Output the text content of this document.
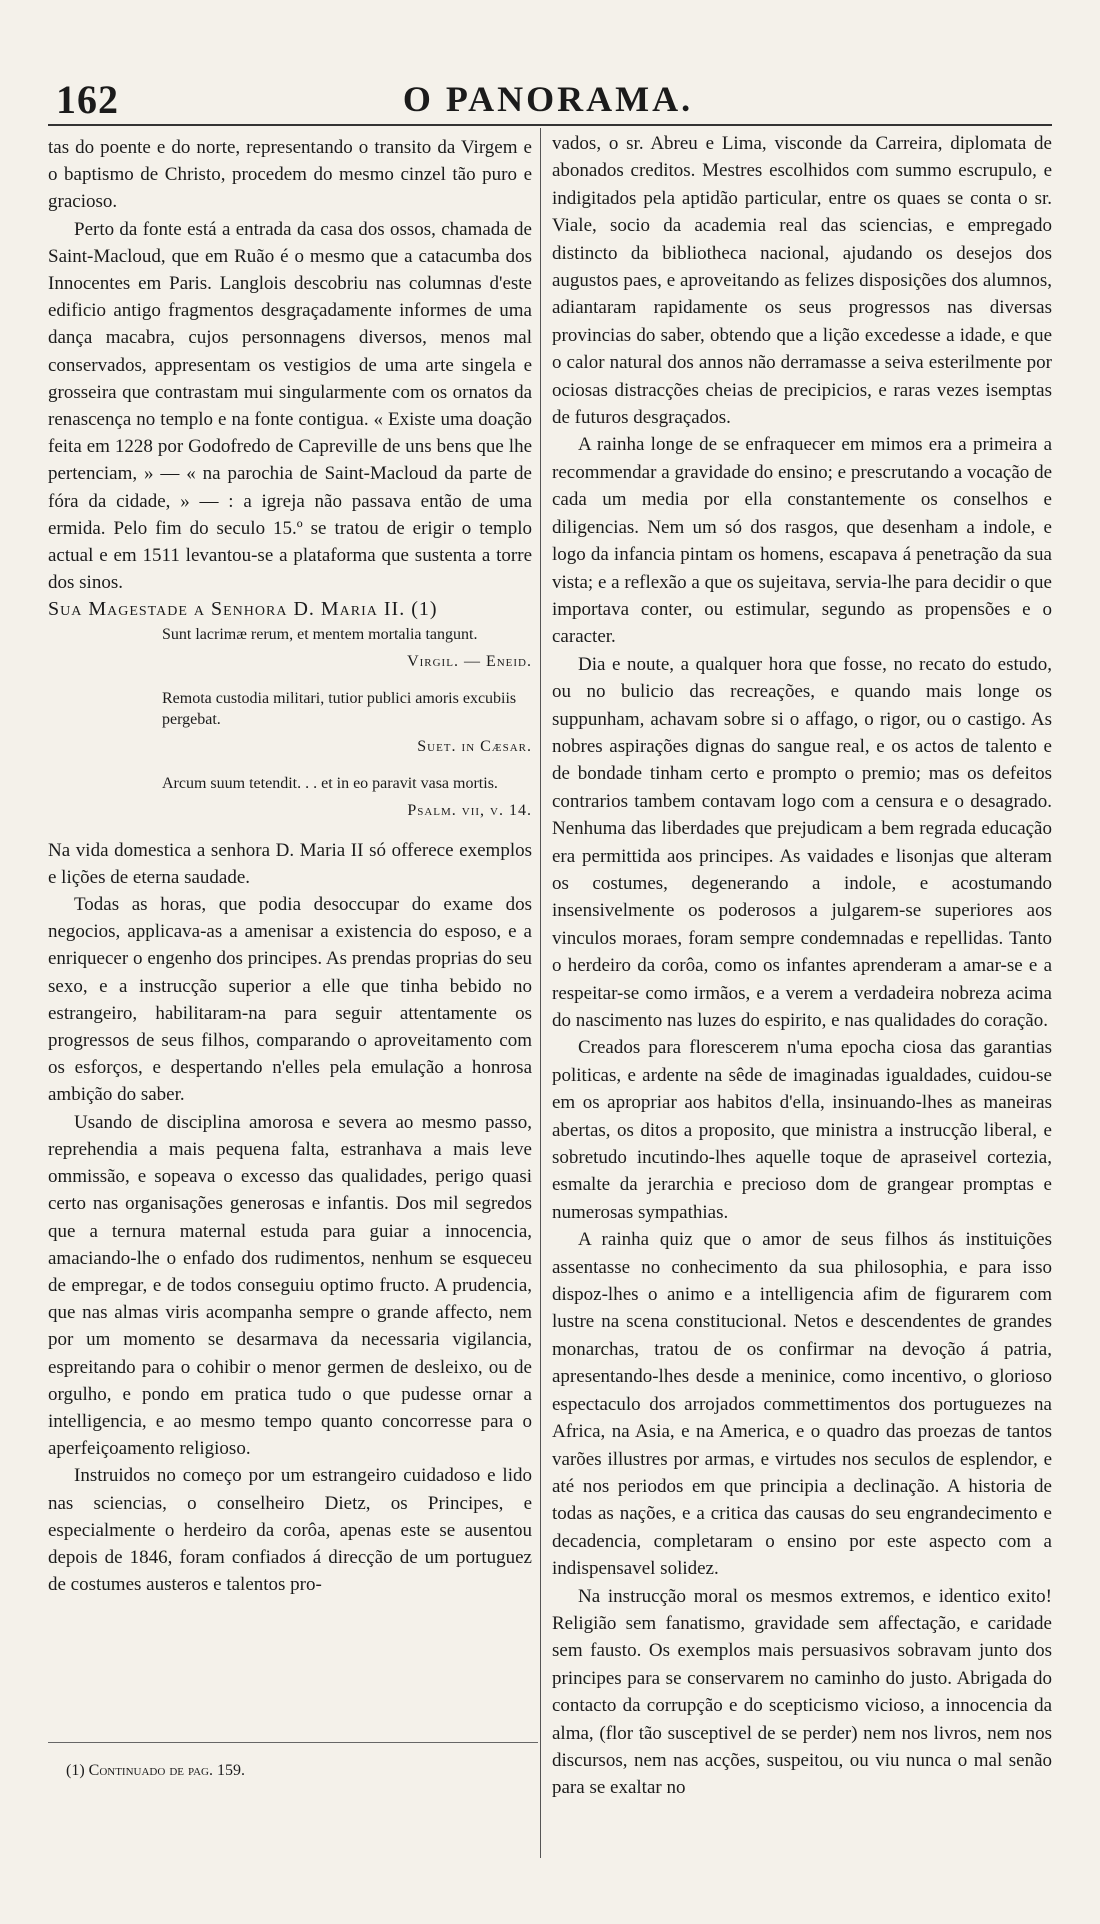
162	O PANORAMA.

tas do poente e do norte, representando o transito da Virgem e o baptismo de Christo, procedem do mesmo cinzel tão puro e gracioso.

Perto da fonte está a entrada da casa dos ossos, chamada de Saint-Macloud, que em Ruão é o mesmo que a catacumba dos Innocentes em Paris. Langlois descobriu nas columnas d'este edificio antigo fragmentos desgraçadamente informes de uma dança macabra, cujos personnagens diversos, menos mal conservados, appresentam os vestigios de uma arte singela e grosseira que contrastam mui singularmente com os ornatos da renascença no templo e na fonte contigua. « Existe uma doação feita em 1228 por Godofredo de Capreville de uns bens que lhe pertenciam, » — « na parochia de Saint-Macloud da parte de fóra da cidade, » — : a igreja não passava então de uma ermida. Pelo fim do seculo 15.º se tratou de erigir o templo actual e em 1511 levantou-se a plataforma que sustenta a torre dos sinos.

Sua Magestade a Senhora D. Maria II. (1)

Sunt lacrimæ rerum, et mentem mortalia tangunt.
Virgil. — Eneid.
Remota custodia militari, tutior publici amoris excubiis pergebat.
Suet. in Cæsar.
Arcum suum tetendit. . . et in eo paravit vasa mortis.
Psalm. vii, v. 14.

Na vida domestica a senhora D. Maria II só offerece exemplos e lições de eterna saudade.

Todas as horas, que podia desoccupar do exame dos negocios, applicava-as a amenisar a existencia do esposo, e a enriquecer o engenho dos principes. As prendas proprias do seu sexo, e a instrucção superior a elle que tinha bebido no estrangeiro, habilitaram-na para seguir attentamente os progressos de seus filhos, comparando o aproveitamento com os esforços, e despertando n'elles pela emulação a honrosa ambição do saber.

Usando de disciplina amorosa e severa ao mesmo passo, reprehendia a mais pequena falta, estranhava a mais leve ommissão, e sopeava o excesso das qualidades, perigo quasi certo nas organisações generosas e infantis. Dos mil segredos que a ternura maternal estuda para guiar a innocencia, amaciando-lhe o enfado dos rudimentos, nenhum se esqueceu de empregar, e de todos conseguiu optimo fructo. A prudencia, que nas almas viris acompanha sempre o grande affecto, nem por um momento se desarmava da necessaria vigilancia, espreitando para o cohibir o menor germen de desleixo, ou de orgulho, e pondo em pratica tudo o que pudesse ornar a intelligencia, e ao mesmo tempo quanto concorresse para o aperfeiçoamento religioso.

Instruidos no começo por um estrangeiro cuidadoso e lido nas sciencias, o conselheiro Dietz, os Principes, e especialmente o herdeiro da corôa, apenas este se ausentou depois de 1846, foram confiados á direcção de um portuguez de costumes austeros e talentos pro-

(1) Continuado de pag. 159.

vados, o sr. Abreu e Lima, visconde da Carreira, diplomata de abonados creditos. Mestres escolhidos com summo escrupulo, e indigitados pela aptidão particular, entre os quaes se conta o sr. Viale, socio da academia real das sciencias, e empregado distincto da bibliotheca nacional, ajudando os desejos dos augustos paes, e aproveitando as felizes disposições dos alumnos, adiantaram rapidamente os seus progressos nas diversas provincias do saber, obtendo que a lição excedesse a idade, e que o calor natural dos annos não derramasse a seiva esterilmente por ociosas distracções cheias de precipicios, e raras vezes isemptas de futuros desgraçados.

A rainha longe de se enfraquecer em mimos era a primeira a recommendar a gravidade do ensino; e prescrutando a vocação de cada um media por ella constantemente os conselhos e diligencias. Nem um só dos rasgos, que desenham a indole, e logo da infancia pintam os homens, escapava á penetração da sua vista; e a reflexão a que os sujeitava, servia-lhe para decidir o que importava conter, ou estimular, segundo as propensões e o caracter.

Dia e noute, a qualquer hora que fosse, no recato do estudo, ou no bulicio das recreações, e quando mais longe os suppunham, achavam sobre si o affago, o rigor, ou o castigo. As nobres aspirações dignas do sangue real, e os actos de talento e de bondade tinham certo e prompto o premio; mas os defeitos contrarios tambem contavam logo com a censura e o desagrado. Nenhuma das liberdades que prejudicam a bem regrada educação era permittida aos principes. As vaidades e lisonjas que alteram os costumes, degenerando a indole, e acostumando insensivelmente os poderosos a julgarem-se superiores aos vinculos moraes, foram sempre condemnadas e repellidas. Tanto o herdeiro da corôa, como os infantes aprenderam a amar-se e a respeitar-se como irmãos, e a verem a verdadeira nobreza acima do nascimento nas luzes do espirito, e nas qualidades do coração.

Creados para florescerem n'uma epocha ciosa das garantias politicas, e ardente na sêde de imaginadas igualdades, cuidou-se em os apropriar aos habitos d'ella, insinuando-lhes as maneiras abertas, os ditos a proposito, que ministra a instrucção liberal, e sobretudo incutindo-lhes aquelle toque de apraseivel cortezia, esmalte da jerarchia e precioso dom de grangear promptas e numerosas sympathias.

A rainha quiz que o amor de seus filhos ás instituições assentasse no conhecimento da sua philosophia, e para isso dispoz-lhes o animo e a intelligencia afim de figurarem com lustre na scena constitucional. Netos e descendentes de grandes monarchas, tratou de os confirmar na devoção á patria, apresentando-lhes desde a meninice, como incentivo, o glorioso espectaculo dos arrojados commettimentos dos portuguezes na Africa, na Asia, e na America, e o quadro das proezas de tantos varões illustres por armas, e virtudes nos seculos de esplendor, e até nos periodos em que principia a declinação. A historia de todas as nações, e a critica das causas do seu engrandecimento e decadencia, completaram o ensino por este aspecto com a indispensavel solidez.

Na instrucção moral os mesmos extremos, e identico exito! Religião sem fanatismo, gravidade sem affectação, e caridade sem fausto. Os exemplos mais persuasivos sobravam junto dos principes para se conservarem no caminho do justo. Abrigada do contacto da corrupção e do scepticismo vicioso, a innocencia da alma, (flor tão susceptivel de se perder) nem nos livros, nem nos discursos, nem nas acções, suspeitou, ou viu nunca o mal senão para se exaltar no
